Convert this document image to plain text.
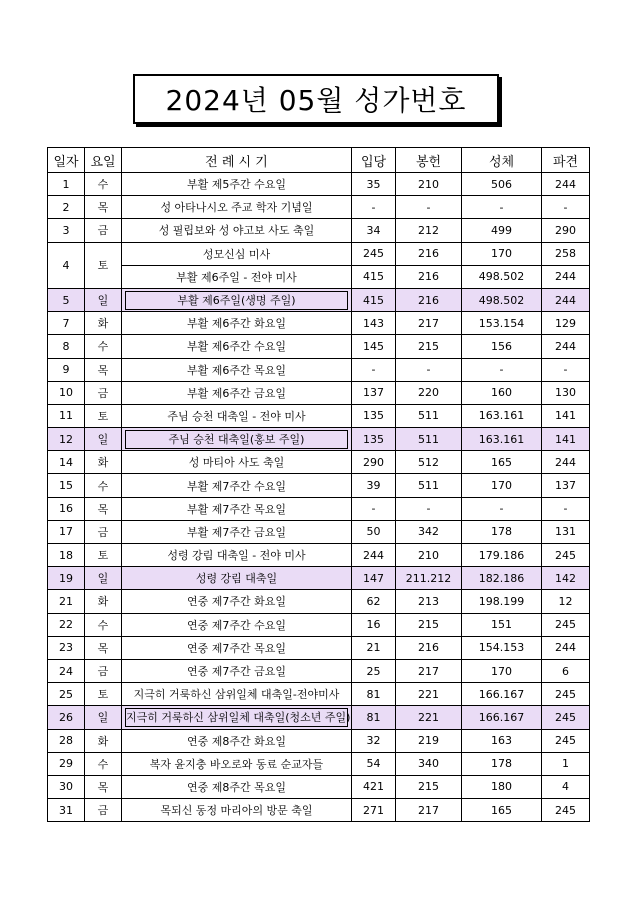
2024년 05월 성가번호
일자	요일	전 례 시 기	입당	봉헌	성체	파견
1	수	부활 제5주간 수요일	35	210	506	244
2	목	성 아타나시오 주교 학자 기념일	-	-	-	-
3	금	성 필립보와 성 야고보 사도 축일	34	212	499	290
4	토	성모신심 미사	245	216	170	258
		부활 제6주일 - 전야 미사	415	216	498.502	244
5	일	부활 제6주일(생명 주일)	415	216	498.502	244
7	화	부활 제6주간 화요일	143	217	153.154	129
8	수	부활 제6주간 수요일	145	215	156	244
9	목	부활 제6주간 목요일	-	-	-	-
10	금	부활 제6주간 금요일	137	220	160	130
11	토	주님 승천 대축일 - 전야 미사	135	511	163.161	141
12	일	주님 승천 대축일(홍보 주일)	135	511	163.161	141
14	화	성 마티아 사도 축일	290	512	165	244
15	수	부활 제7주간 수요일	39	511	170	137
16	목	부활 제7주간 목요일	-	-	-	-
17	금	부활 제7주간 금요일	50	342	178	131
18	토	성령 강림 대축일 - 전야 미사	244	210	179.186	245
19	일	성령 강림 대축일	147	211.212	182.186	142
21	화	연중 제7주간 화요일	62	213	198.199	12
22	수	연중 제7주간 수요일	16	215	151	245
23	목	연중 제7주간 목요일	21	216	154.153	244
24	금	연중 제7주간 금요일	25	217	170	6
25	토	지극히 거룩하신 삼위일체 대축일-전야미사	81	221	166.167	245
26	일	지극히 거룩하신 삼위일체 대축일(청소년 주일)	81	221	166.167	245
28	화	연중 제8주간 화요일	32	219	163	245
29	수	복자 윤지충 바오로와 동료 순교자들	54	340	178	1
30	목	연중 제8주간 목요일	421	215	180	4
31	금	목되신 동정 마리아의 방문 축일	271	217	165	245
